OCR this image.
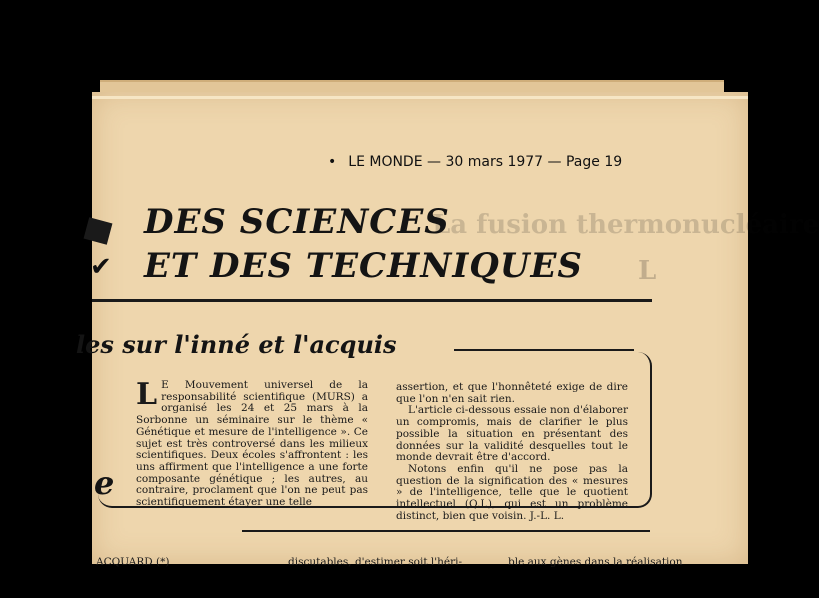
• LE MONDE — 30 mars 1977 — Page 19
La fusion thermonucléaire
L
✔
DES SCIENCES
ET DES TECHNIQUES
les sur l'inné et l'acquis
e
L E Mouvement universel de la responsabilité scientifique (MURS) a organisé les 24 et 25 mars à la Sorbonne un séminaire sur le thème « Génétique et mesure de l'intelligence ». Ce sujet est très controversé dans les milieux scientifiques. Deux écoles s'affrontent : les uns affirment que l'intelligence a une forte composante génétique ; les autres, au contraire, proclament que l'on ne peut pas scientifiquement étayer une telle

assertion, et que l'honnêteté exige de dire que l'on n'en sait rien.

L'article ci-dessous essaie non d'élaborer un compromis, mais de clarifier le plus possible la situation en présentant des données sur la validité desquelles tout le monde devrait être d'accord.

Notons enfin qu'il ne pose pas la question de la signification des « mesures » de l'intelligence, telle que le quotient intellectuel (Q.I.), qui est un problème distinct, bien que voisin. J.-L. L.

ACQUARD (*)	discutables, d'estimer soit l'héri-	ble aux gènes dans la réalisation
